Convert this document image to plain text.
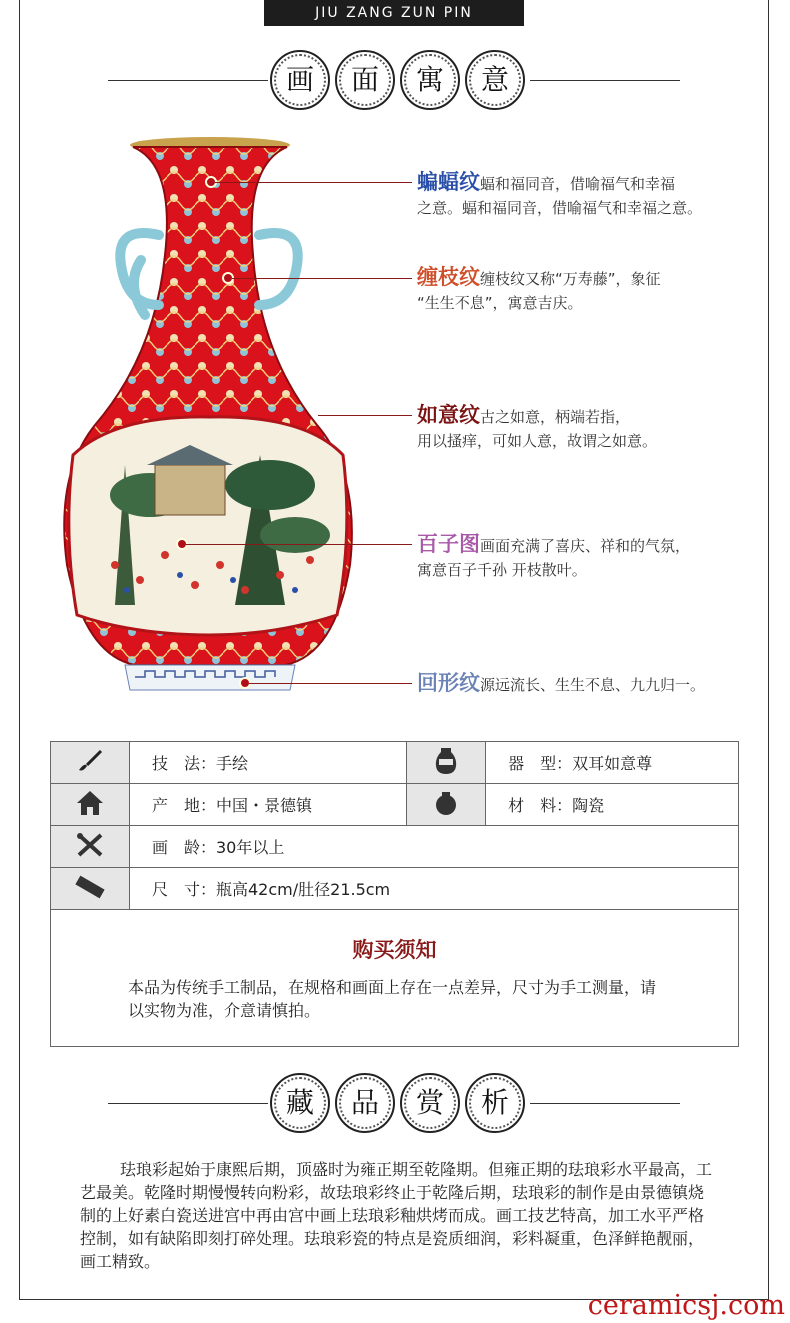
JIU ZANG ZUN PIN
画	面	寓	意
蝙蝠纹蝠和福同音，借喻福气和幸福
之意。蝠和福同音，借喻福气和幸福之意。
缠枝纹缠枝纹又称“万寿藤”，象征
“生生不息”，寓意吉庆。
如意纹古之如意，柄端若指，
用以搔痒，可如人意，故谓之如意。
百子图画面充满了喜庆、祥和的气氛，
寓意百子千孙 开枝散叶。
回形纹源远流长、生生不息、九九归一。
	技　法：手绘		器　型：双耳如意尊
	产　地：中国・景德镇		材　料：陶瓷
	画　龄：30年以上		
	尺　寸：瓶高42cm/肚径21.5cm		
购买须知
本品为传统手工制品，在规格和画面上存在一点差异，尺寸为手工测量，请以实物为准，介意请慎拍。
藏	品	赏	析
珐琅彩起始于康熙后期，顶盛时为雍正期至乾隆期。但雍正期的珐琅彩水平最高，工艺最美。乾隆时期慢慢转向粉彩，故珐琅彩终止于乾隆后期，珐琅彩的制作是由景德镇烧制的上好素白瓷送进宫中再由宫中画上珐琅彩釉烘烤而成。画工技艺特高，加工水平严格控制，如有缺陷即刻打碎处理。珐琅彩瓷的特点是瓷质细润，彩料凝重，色泽鲜艳靓丽，画工精致。
ceramicsj.com
